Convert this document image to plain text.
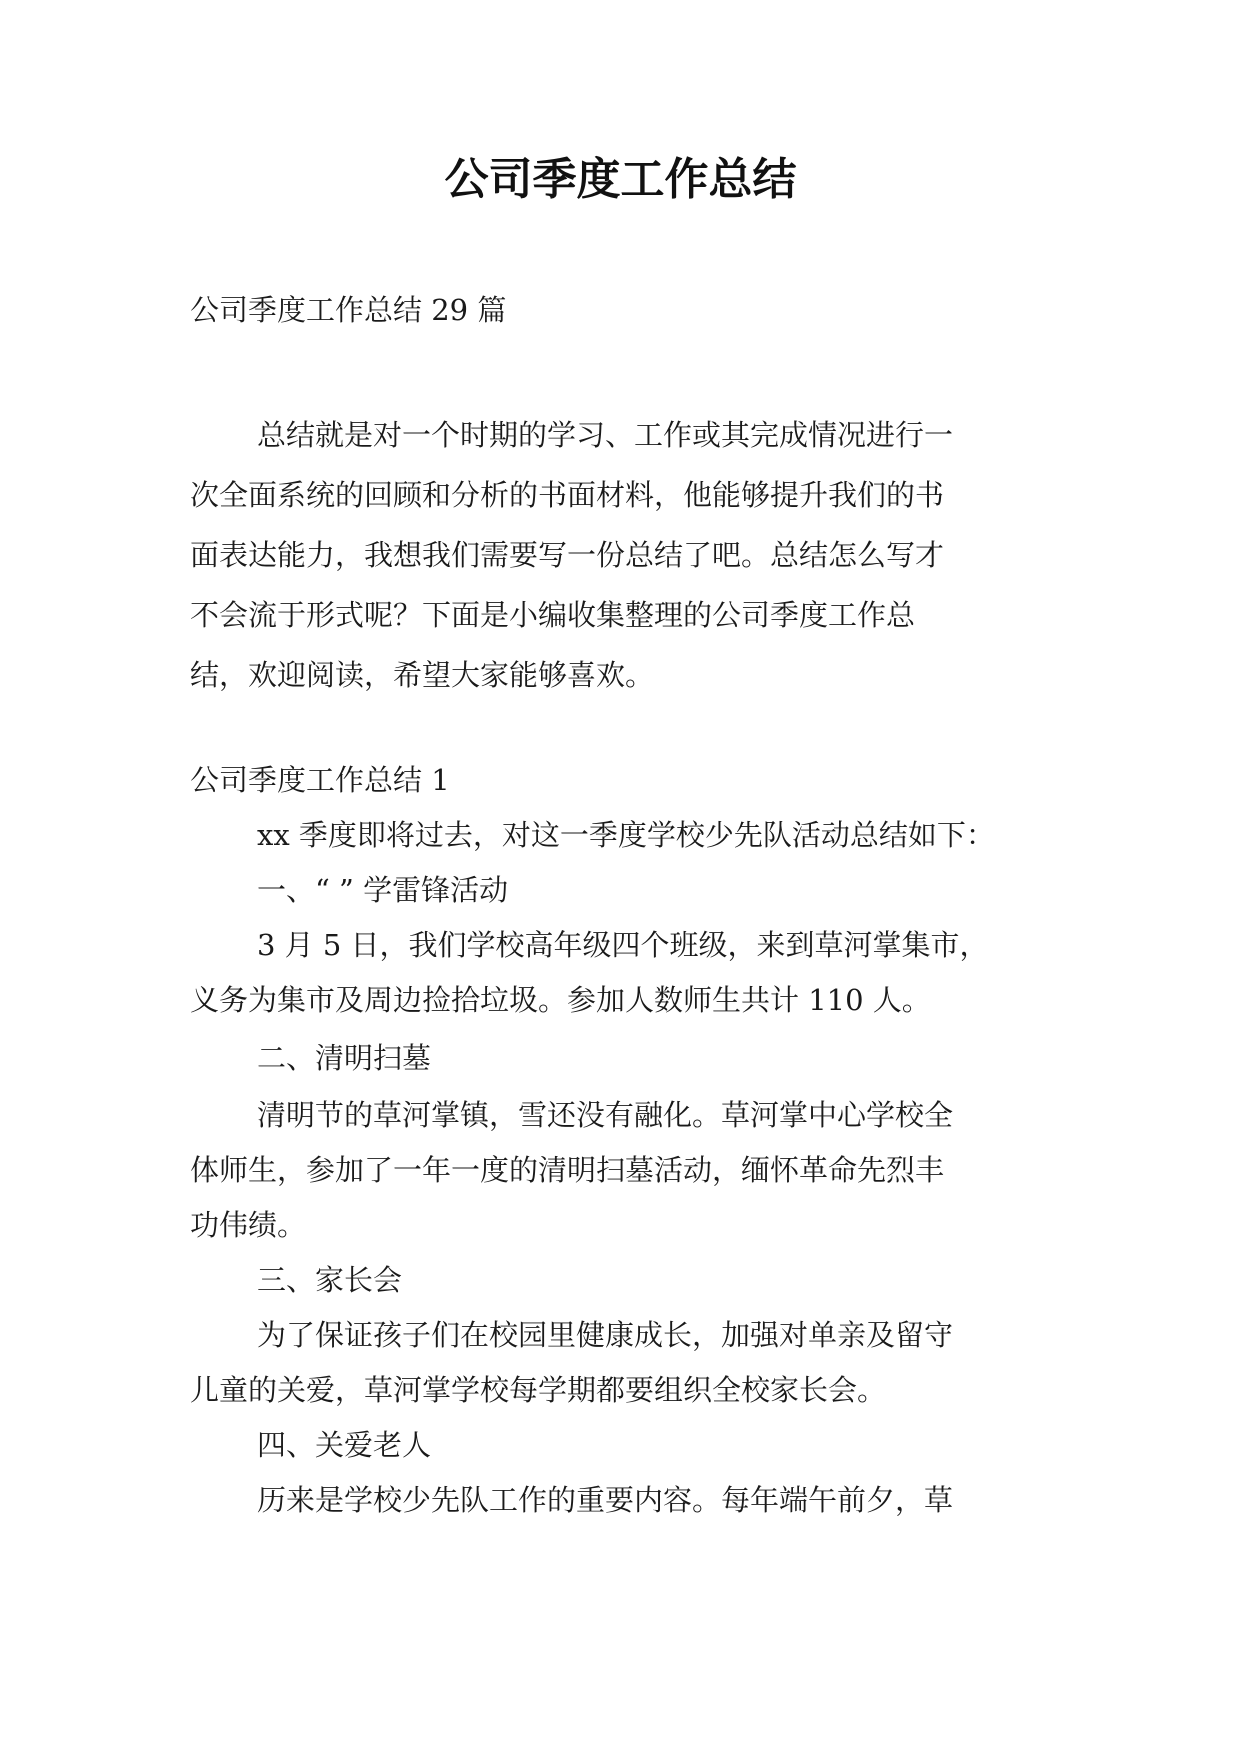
公司季度工作总结
公司季度工作总结 29 篇
总结就是对一个时期的学习、工作或其完成情况进行一
次全面系统的回顾和分析的书面材料，他能够提升我们的书
面表达能力，我想我们需要写一份总结了吧。总结怎么写才
不会流于形式呢？下面是小编收集整理的公司季度工作总
结，欢迎阅读，希望大家能够喜欢。
公司季度工作总结 1
xx 季度即将过去，对这一季度学校少先队活动总结如下：
一、“ ” 学雷锋活动
3 月 5 日，我们学校高年级四个班级，来到草河掌集市，
义务为集市及周边捡拾垃圾。参加人数师生共计 110 人。
二、清明扫墓
清明节的草河掌镇，雪还没有融化。草河掌中心学校全
体师生，参加了一年一度的清明扫墓活动，缅怀革命先烈丰
功伟绩。
三、家长会
为了保证孩子们在校园里健康成长，加强对单亲及留守
儿童的关爱，草河掌学校每学期都要组织全校家长会。
四、关爱老人
历来是学校少先队工作的重要内容。每年端午前夕，草
